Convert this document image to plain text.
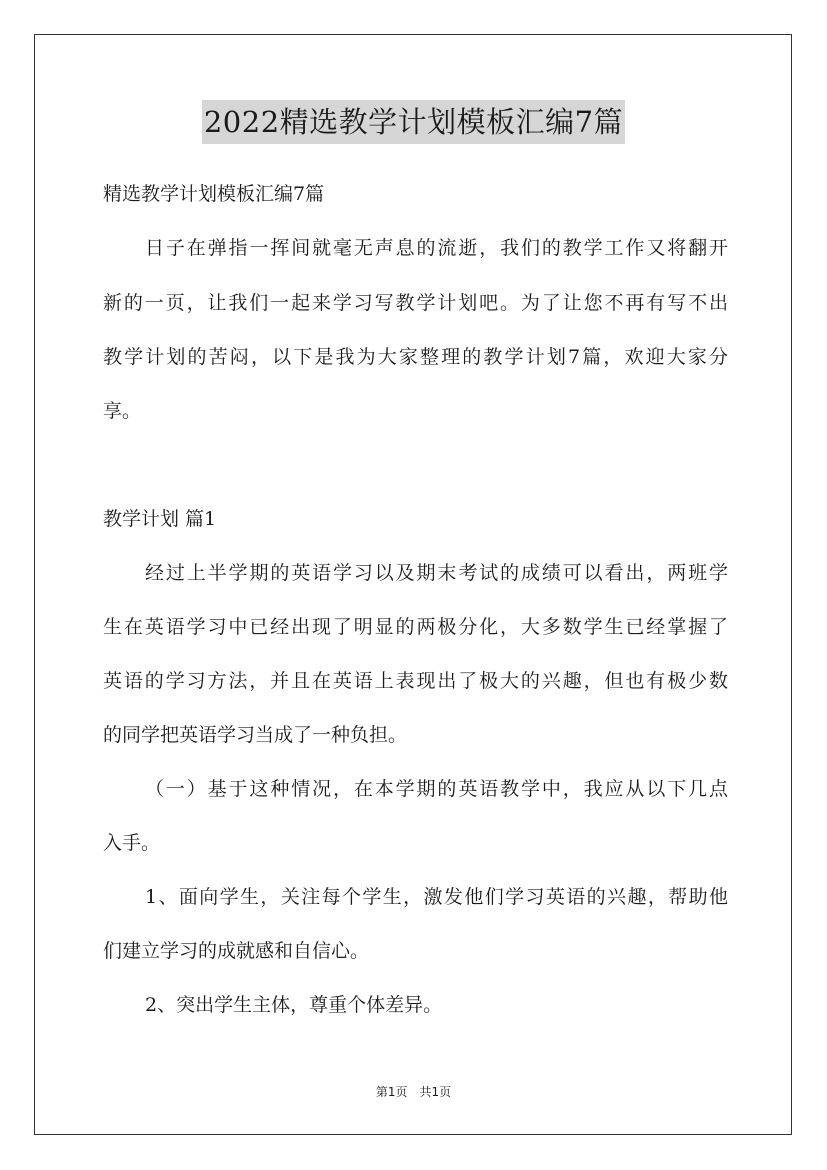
2022精选教学计划模板汇编7篇
精选教学计划模板汇编7篇
日子在弹指一挥间就毫无声息的流逝，我们的教学工作又将翻开
新的一页，让我们一起来学习写教学计划吧。为了让您不再有写不出
教学计划的苦闷，以下是我为大家整理的教学计划7篇，欢迎大家分
享。
教学计划 篇1
经过上半学期的英语学习以及期末考试的成绩可以看出，两班学
生在英语学习中已经出现了明显的两极分化，大多数学生已经掌握了
英语的学习方法，并且在英语上表现出了极大的兴趣，但也有极少数
的同学把英语学习当成了一种负担。
（一）基于这种情况，在本学期的英语教学中，我应从以下几点
入手。
1、面向学生，关注每个学生，激发他们学习英语的兴趣，帮助他
们建立学习的成就感和自信心。
2、突出学生主体，尊重个体差异。
第1页　共1页
